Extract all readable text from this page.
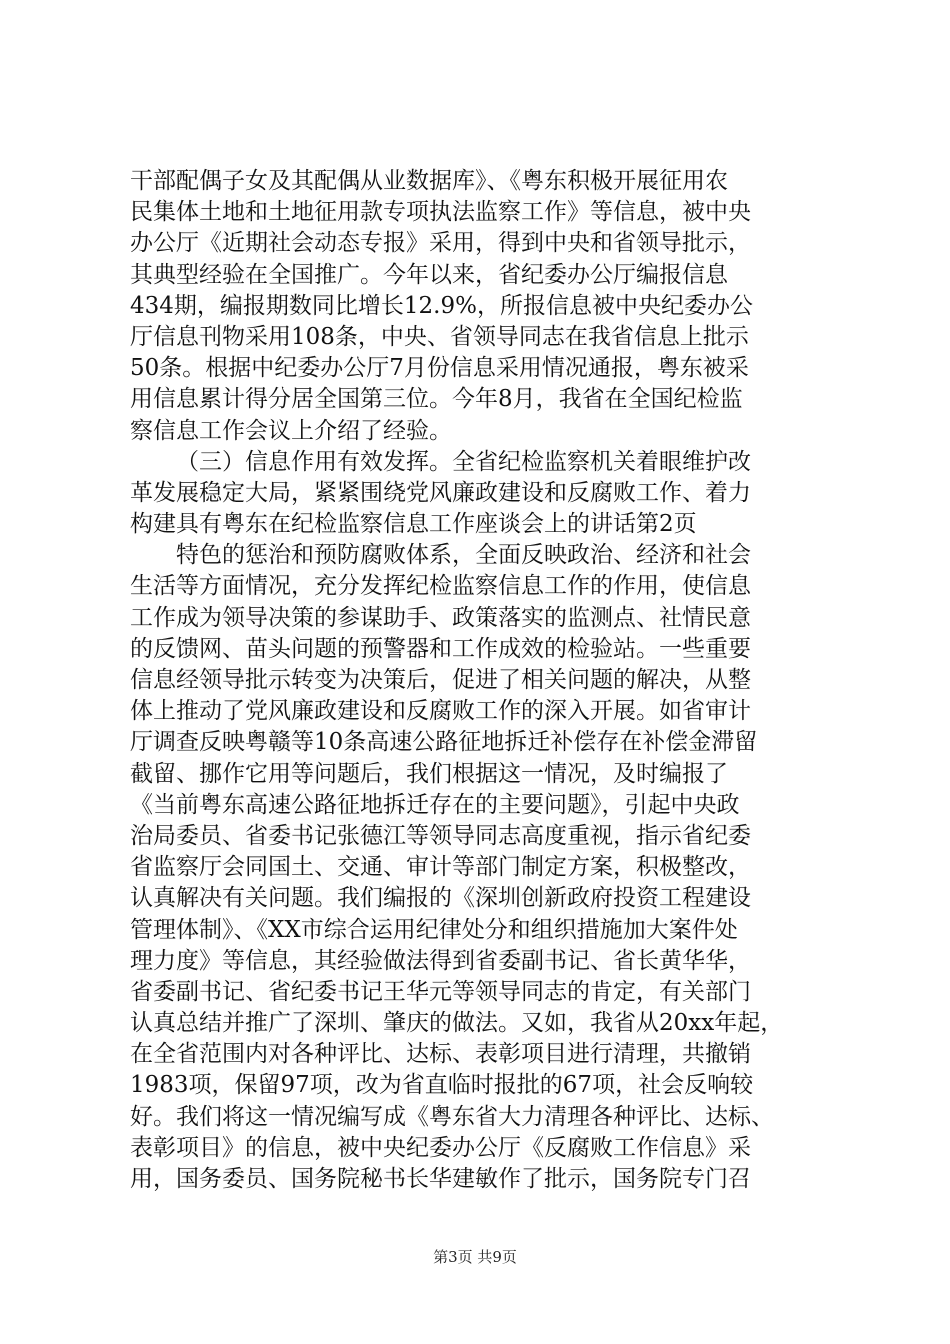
干部配偶子女及其配偶从业数据库》、《粤东积极开展征用农
民集体土地和土地征用款专项执法监察工作》等信息，被中央
办公厅《近期社会动态专报》采用，得到中央和省领导批示，
其典型经验在全国推广。今年以来，省纪委办公厅编报信息
434期，编报期数同比增长12.9%，所报信息被中央纪委办公
厅信息刊物采用108条，中央、省领导同志在我省信息上批示
50条。根据中纪委办公厅7月份信息采用情况通报，粤东被采
用信息累计得分居全国第三位。今年8月，我省在全国纪检监
察信息工作会议上介绍了经验。
（三）信息作用有效发挥。全省纪检监察机关着眼维护改
革发展稳定大局，紧紧围绕党风廉政建设和反腐败工作、着力
构建具有粤东在纪检监察信息工作座谈会上的讲话第2页
特色的惩治和预防腐败体系，全面反映政治、经济和社会
生活等方面情况，充分发挥纪检监察信息工作的作用，使信息
工作成为领导决策的参谋助手、政策落实的监测点、社情民意
的反馈网、苗头问题的预警器和工作成效的检验站。一些重要
信息经领导批示转变为决策后，促进了相关问题的解决，从整
体上推动了党风廉政建设和反腐败工作的深入开展。如省审计
厅调查反映粤赣等10条高速公路征地拆迁补偿存在补偿金滞留
截留、挪作它用等问题后，我们根据这一情况，及时编报了
《当前粤东高速公路征地拆迁存在的主要问题》，引起中央政
治局委员、省委书记张德江等领导同志高度重视，指示省纪委
省监察厅会同国土、交通、审计等部门制定方案，积极整改，
认真解决有关问题。我们编报的《深圳创新政府投资工程建设
管理体制》、《XX市综合运用纪律处分和组织措施加大案件处
理力度》等信息，其经验做法得到省委副书记、省长黄华华，
省委副书记、省纪委书记王华元等领导同志的肯定，有关部门
认真总结并推广了深圳、肇庆的做法。又如，我省从20xx年起，
在全省范围内对各种评比、达标、表彰项目进行清理，共撤销
1983项，保留97项，改为省直临时报批的67项，社会反响较
好。我们将这一情况编写成《粤东省大力清理各种评比、达标、
表彰项目》的信息，被中央纪委办公厅《反腐败工作信息》采
用，国务委员、国务院秘书长华建敏作了批示，国务院专门召
第3页 共9页
